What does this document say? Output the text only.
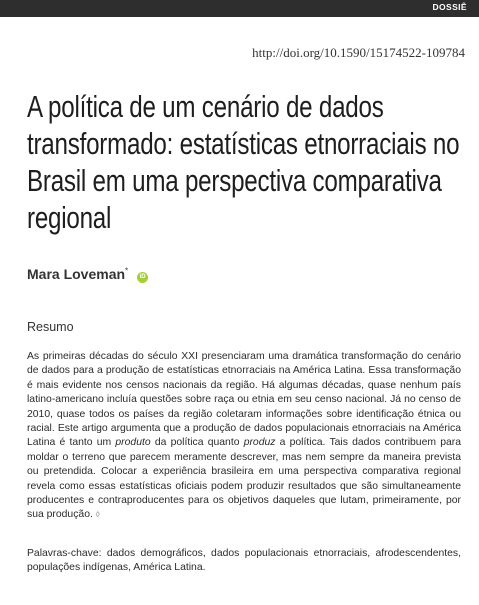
DOSSIÊ
http://doi.org/10.1590/15174522-109784
A política de um cenário de dados transformado: estatísticas etnorraciais no Brasil em uma perspectiva comparativa regional
Mara Loveman* iD
Resumo

As primeiras décadas do século XXI presenciaram uma dramática transformação do cenário de dados para a produção de estatísticas etnorraciais na América Latina. Essa transformação é mais evidente nos censos nacionais da região. Há algumas décadas, quase nenhum país latino-americano incluía questões sobre raça ou etnia em seu censo nacional. Já no censo de 2010, quase todos os países da região coletaram informações sobre identificação étnica ou racial. Este artigo argumenta que a produção de dados populacionais etnorraciais na América Latina é tanto um produto da política quanto produz a política. Tais dados contribuem para moldar o terreno que parecem meramente descrever, mas nem sempre da maneira prevista ou pretendida. Colocar a experiência brasileira em uma perspectiva comparativa regional revela como essas estatísticas oficiais podem produzir resultados que são simultaneamente producentes e contraproducentes para os objetivos daqueles que lutam, primeiramente, por sua produção. ◊

Palavras-chave: dados demográficos, dados populacionais etnorraciais, afrodescendentes, populações indígenas, América Latina.
